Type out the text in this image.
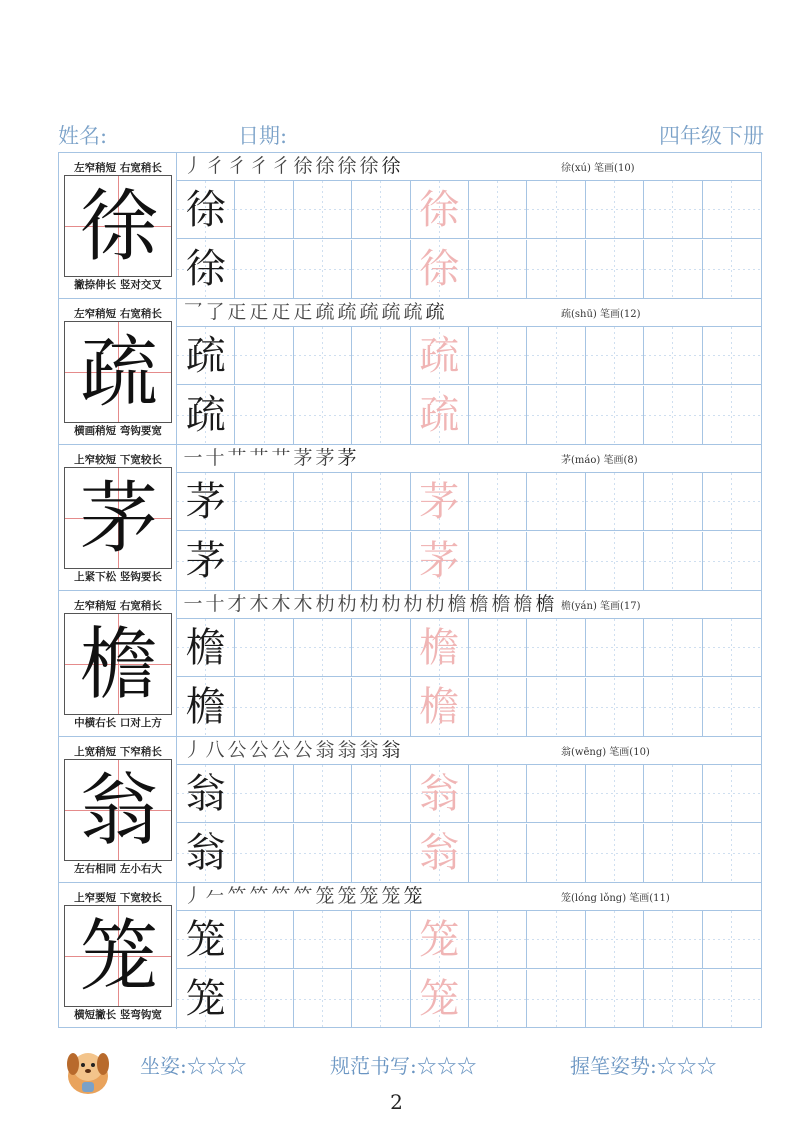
姓名:	日期:	四年级下册
左窄稍短 右宽稍长
徐
撇捺伸长 竖对交叉
丿 彳 彳 彳 彳 徐 徐 徐 徐 徐	徐(xú) 笔画(10)
徐	徐
徐	徐
左窄稍短 右宽稍长
疏
横画稍短 弯钩要宽
乛 了 𤴓 𤴓 𤴓 𤴓 疏 疏 疏 疏 疏 疏	疏(shū) 笔画(12)
疏	疏
疏	疏
上窄较短 下宽较长
茅
上紧下松 竖钩要长
一 十 艹 艹 艹 茅 茅 茅	茅(máo) 笔画(8)
茅	茅
茅	茅
左窄稍短 右宽稍长
檐
中横右长 口对上方
一 十 才 木 木 木 朸 朸 朸 朸 朸 朸 檐 檐 檐 檐 檐 檐(yán) 笔画(17)
檐	檐
檐	檐
上宽稍短 下窄稍长
翁
左右相同 左小右大
丿 八 公 公 公 公 翁 翁 翁 翁	翁(wēng) 笔画(10)
翁	翁
翁	翁
上窄要短 下宽较长
笼
横短撇长 竖弯钩宽
丿 𠂉 𥫗 𥫗 𥫗 𥫗 笼 笼 笼 笼 笼	笼(lóng lǒng) 笔画(11)
笼	笼
笼	笼
坐姿:☆☆☆	规范书写:☆☆☆	握笔姿势:☆☆☆
2
